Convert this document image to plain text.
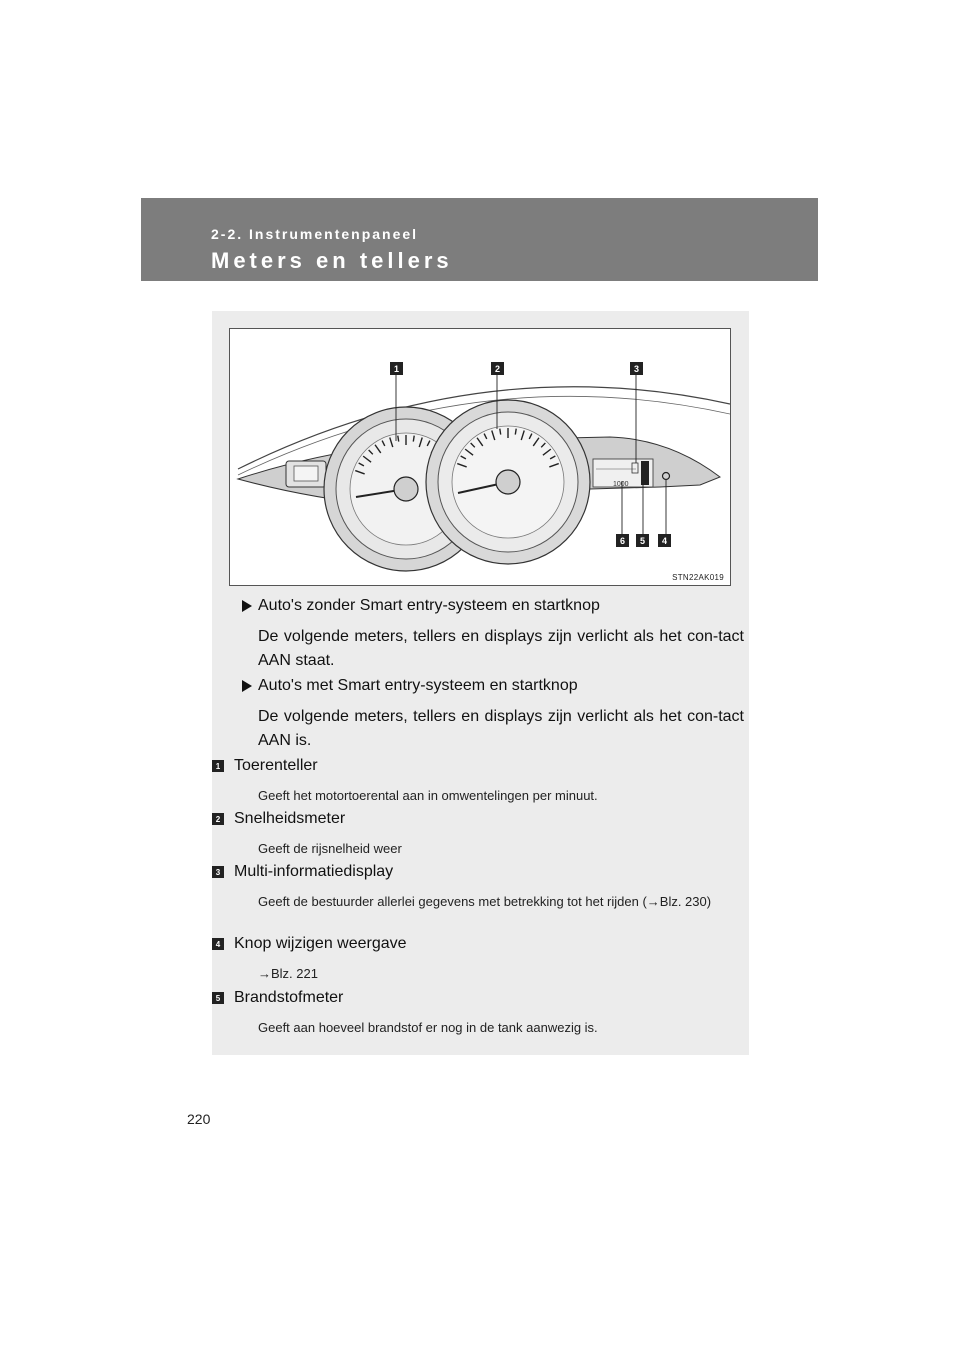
2-2. Instrumentenpaneel
Meters en tellers
1000
1	2	3
6	5	4
STN22AK019
Auto's zonder Smart entry-systeem en startknop
De volgende meters, tellers en displays zijn verlicht als het con-tact AAN staat.
Auto's met Smart entry-systeem en startknop
De volgende meters, tellers en displays zijn verlicht als het con-tact AAN is.
1 Toerenteller
Geeft het motortoerental aan in omwentelingen per minuut.
2 Snelheidsmeter
Geeft de rijsnelheid weer
3 Multi-informatiedisplay
Geeft de bestuurder allerlei gegevens met betrekking tot het rijden (→Blz. 230)
4 Knop wijzigen weergave
→Blz. 221
5 Brandstofmeter
Geeft aan hoeveel brandstof er nog in de tank aanwezig is.
220
